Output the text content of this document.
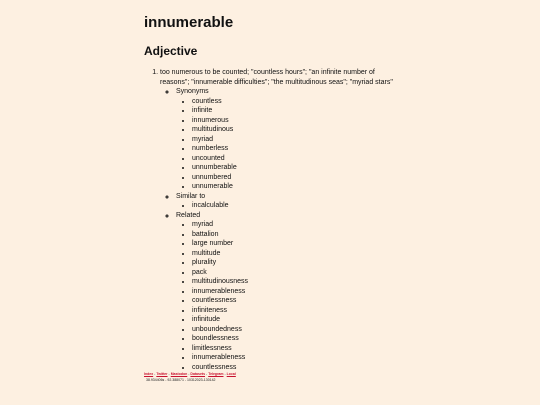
innumerable
Adjective
1. too numerous to be counted; "countless hours"; "an infinite number of reasons"; "innumerable difficulties"; "the multitudinous seas"; "myriad stars"
◦ Synonyms
• countless
• infinite
• innumerous
• multitudinous
• myriad
• numberless
• uncounted
• unnumberable
• unnumbered
• unnumerable
◦ Similar to
• incalculable
◦ Related
• myriad
• battalion
• large number
• multitude
• plurality
• pack
• multitudinousness
• innumerableness
• countlessness
• infiniteness
• infinitude
• unboundedness
• boundlessness
• limitlessness
• innumerableness
• countlessness
Index-Twitter-Mastodon-Datasets-Telegram-Local
38.934406s - 92.388071 - 10312023-130142
